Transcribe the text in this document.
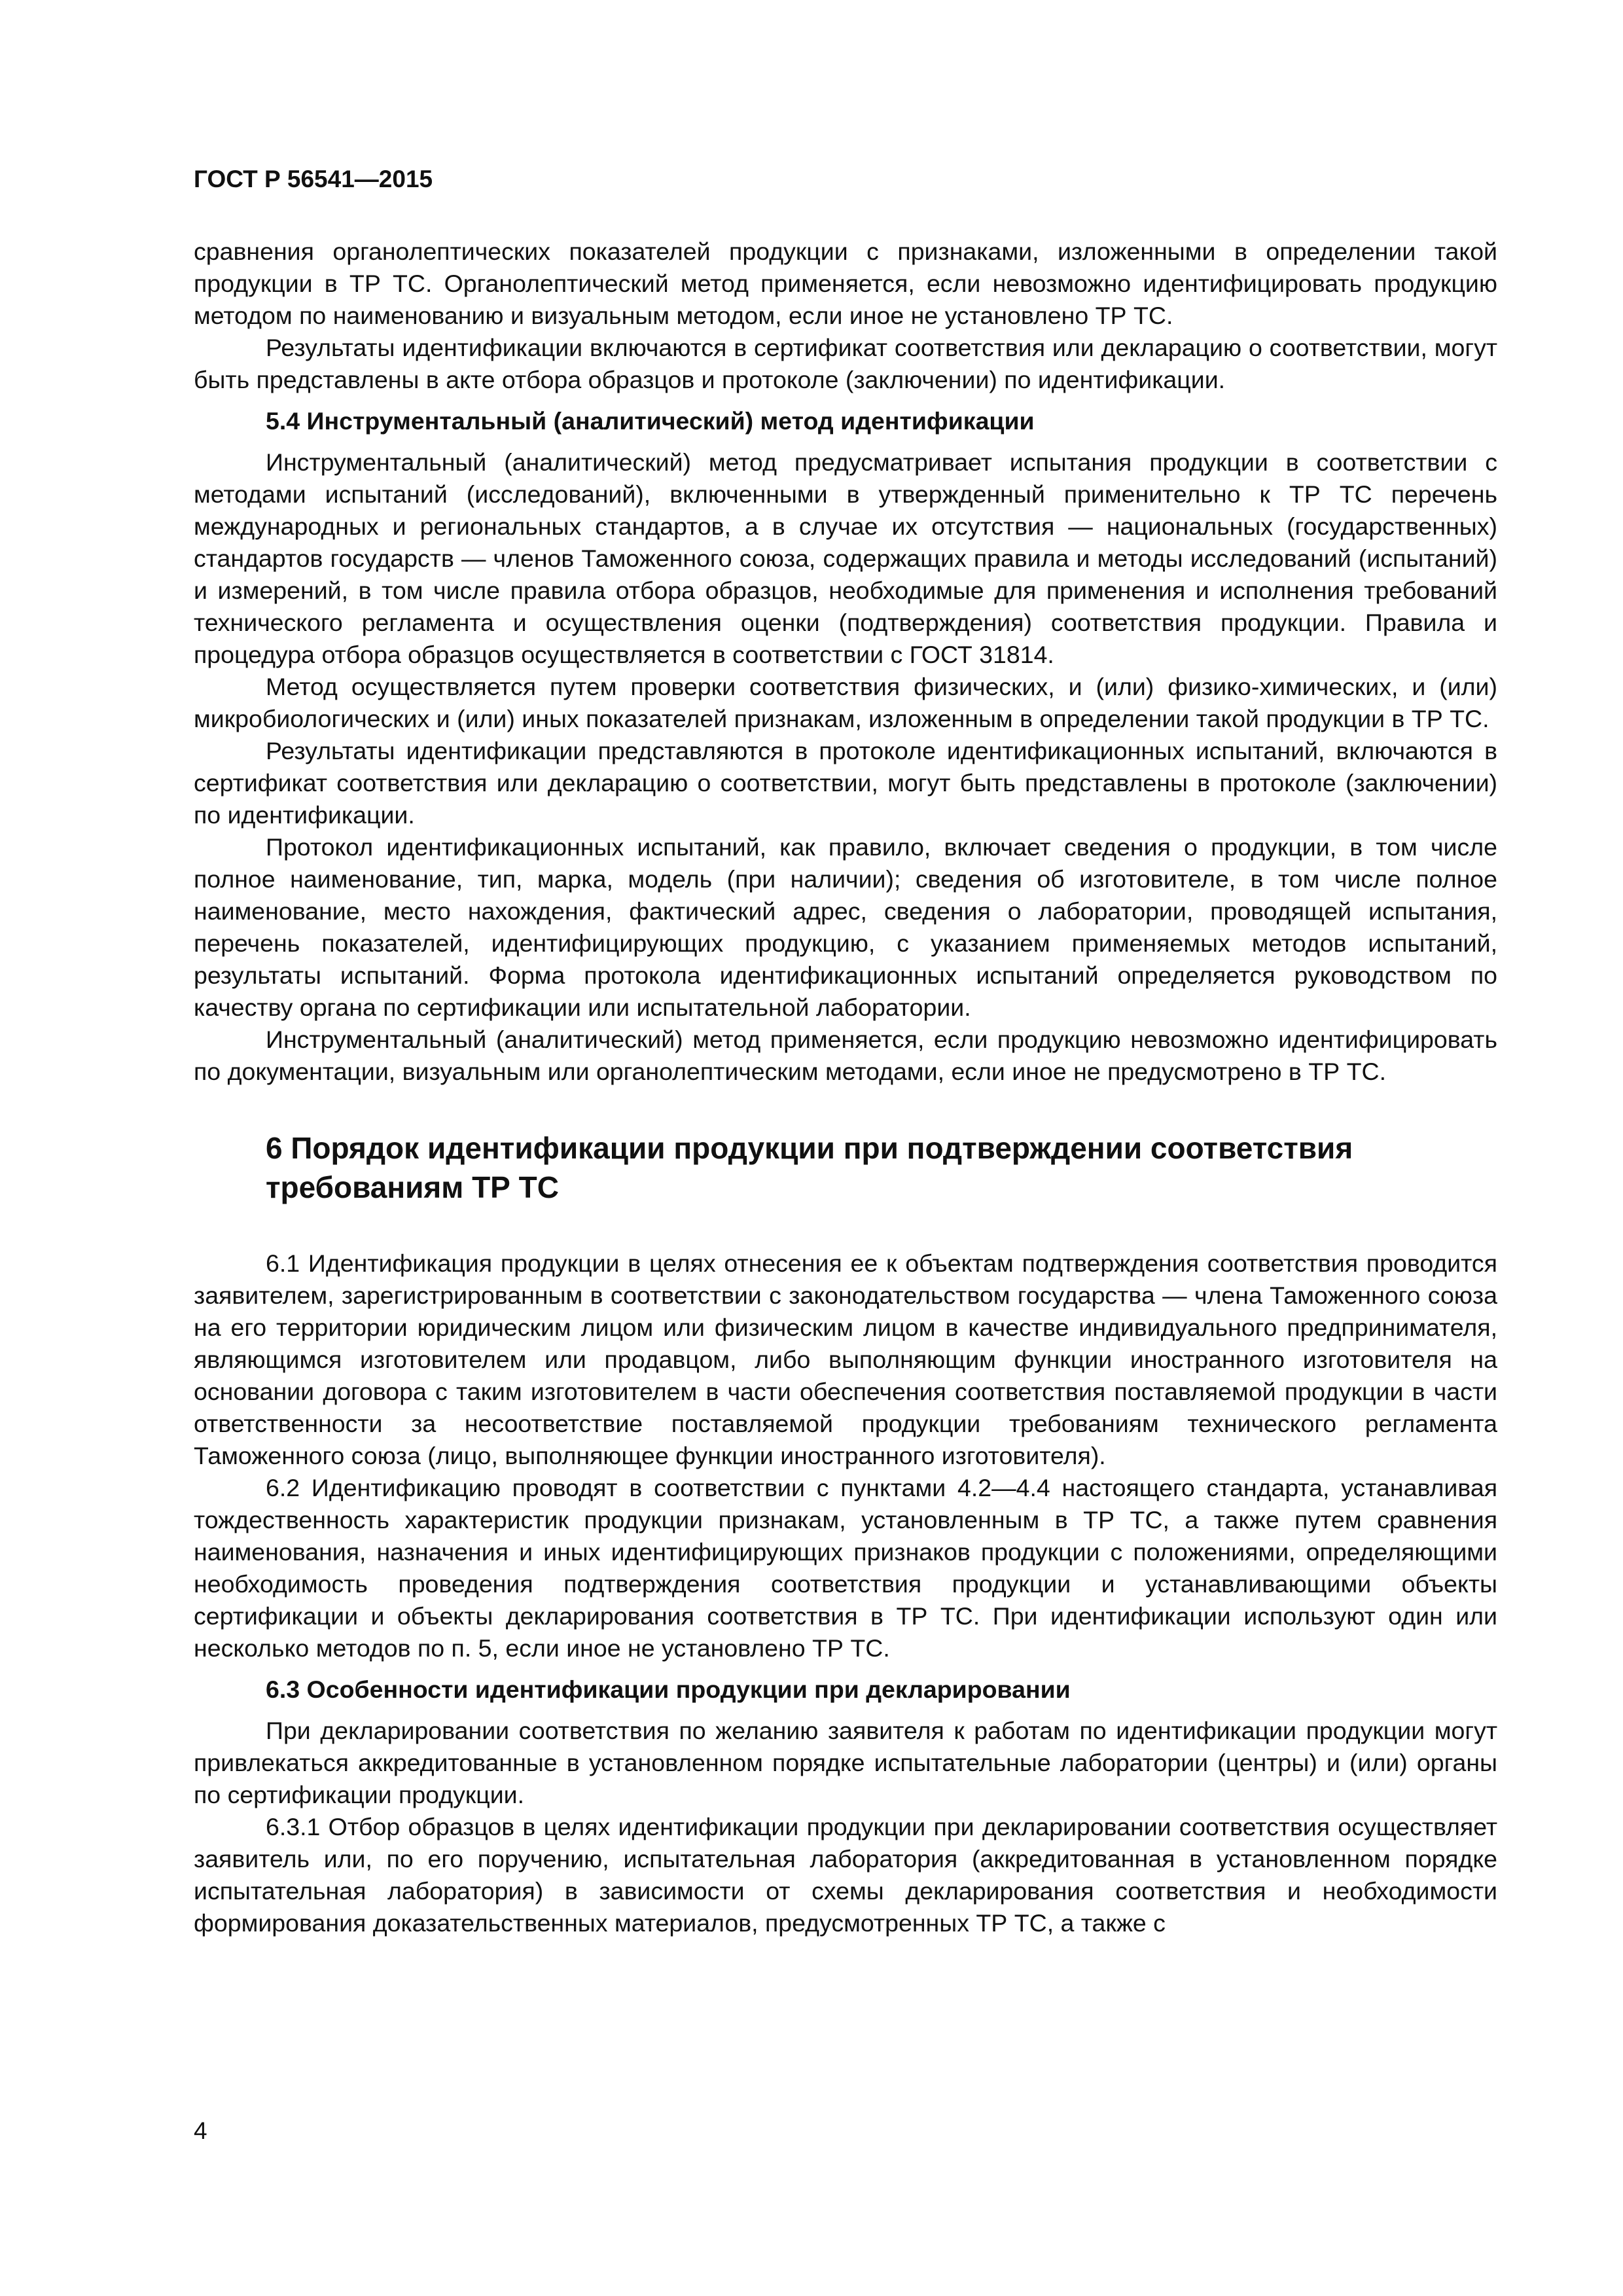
ГОСТ Р 56541—2015

сравнения органолептических показателей продукции с признаками, изложенными в определении такой продукции в ТР ТС. Органолептический метод применяется, если невозможно идентифицировать продукцию методом по наименованию и визуальным методом, если иное не установлено ТР ТС.

Результаты идентификации включаются в сертификат соответствия или декларацию о соответствии, могут быть представлены в акте отбора образцов и протоколе (заключении) по идентификации.

5.4 Инструментальный (аналитический) метод идентификации

Инструментальный (аналитический) метод предусматривает испытания продукции в соответствии с методами испытаний (исследований), включенными в утвержденный применительно к ТР ТС перечень международных и региональных стандартов, а в случае их отсутствия — национальных (государственных) стандартов государств — членов Таможенного союза, содержащих правила и методы исследований (испытаний) и измерений, в том числе правила отбора образцов, необходимые для применения и исполнения требований технического регламента и осуществления оценки (подтверждения) соответствия продукции. Правила и процедура отбора образцов осуществляется в соответствии с ГОСТ 31814.

Метод осуществляется путем проверки соответствия физических, и (или) физико-химических, и (или) микробиологических и (или) иных показателей признакам, изложенным в определении такой продукции в ТР ТС.

Результаты идентификации представляются в протоколе идентификационных испытаний, включаются в сертификат соответствия или декларацию о соответствии, могут быть представлены в протоколе (заключении) по идентификации.

Протокол идентификационных испытаний, как правило, включает сведения о продукции, в том числе полное наименование, тип, марка, модель (при наличии); сведения об изготовителе, в том числе полное наименование, место нахождения, фактический адрес, сведения о лаборатории, проводящей испытания, перечень показателей, идентифицирующих продукцию, с указанием применяемых методов испытаний, результаты испытаний. Форма протокола идентификационных испытаний определяется руководством по качеству органа по сертификации или испытательной лаборатории.

Инструментальный (аналитический) метод применяется, если продукцию невозможно идентифицировать по документации, визуальным или органолептическим методами, если иное не предусмотрено в ТР ТС.

6 Порядок идентификации продукции при подтверждении соответствия требованиям ТР ТС

6.1 Идентификация продукции в целях отнесения ее к объектам подтверждения соответствия проводится заявителем, зарегистрированным в соответствии с законодательством государства — члена Таможенного союза на его территории юридическим лицом или физическим лицом в качестве индивидуального предпринимателя, являющимся изготовителем или продавцом, либо выполняющим функции иностранного изготовителя на основании договора с таким изготовителем в части обеспечения соответствия поставляемой продукции в части ответственности за несоответствие поставляемой продукции требованиям технического регламента Таможенного союза (лицо, выполняющее функции иностранного изготовителя).

6.2 Идентификацию проводят в соответствии с пунктами 4.2—4.4 настоящего стандарта, устанавливая тождественность характеристик продукции признакам, установленным в ТР ТС, а также путем сравнения наименования, назначения и иных идентифицирующих признаков продукции с положениями, определяющими необходимость проведения подтверждения соответствия продукции и устанавливающими объекты сертификации и объекты декларирования соответствия в ТР ТС. При идентификации используют один или несколько методов по п. 5, если иное не установлено ТР ТС.

6.3 Особенности идентификации продукции при декларировании

При декларировании соответствия по желанию заявителя к работам по идентификации продукции могут привлекаться аккредитованные в установленном порядке испытательные лаборатории (центры) и (или) органы по сертификации продукции.

6.3.1 Отбор образцов в целях идентификации продукции при декларировании соответствия осуществляет заявитель или, по его поручению, испытательная лаборатория (аккредитованная в установленном порядке испытательная лаборатория) в зависимости от схемы декларирования соответствия и необходимости формирования доказательственных материалов, предусмотренных ТР ТС, а также с

4
